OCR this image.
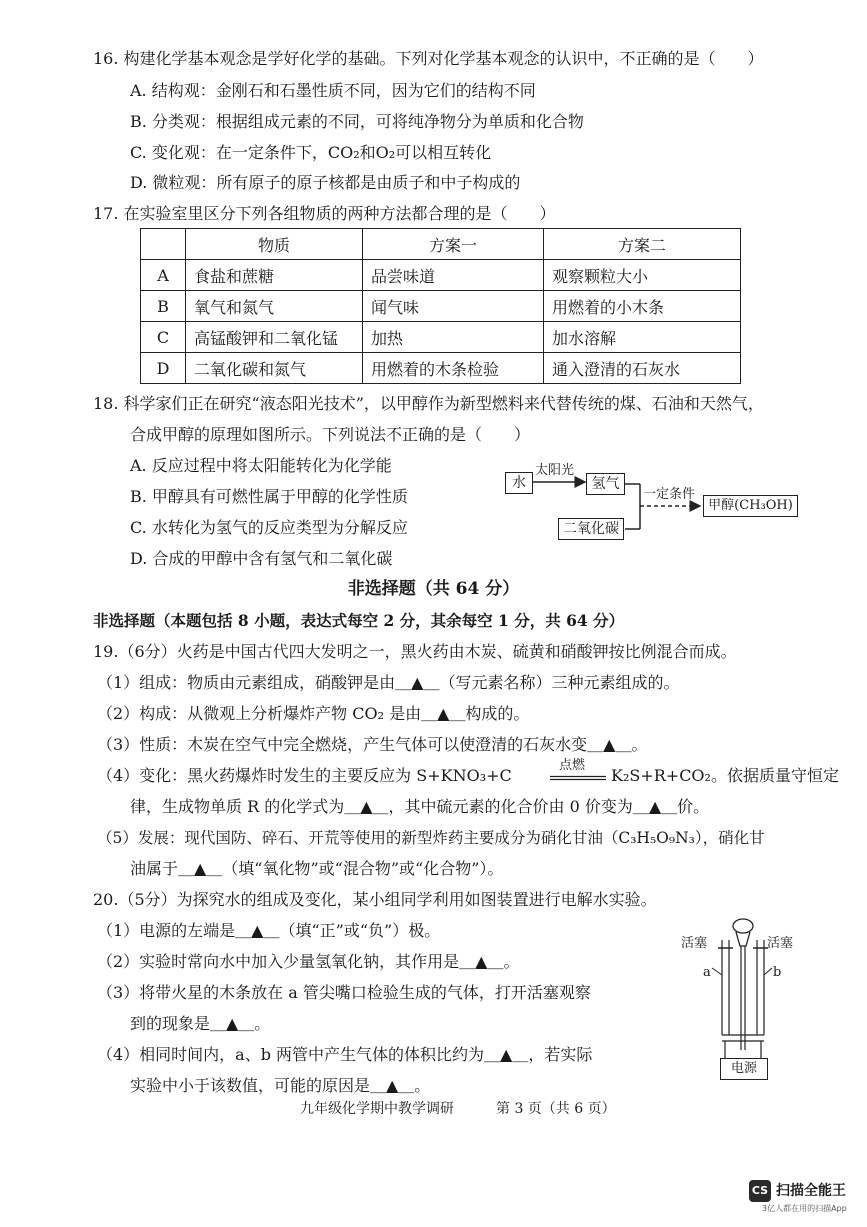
16. 构建化学基本观念是学好化学的基础。下列对化学基本观念的认识中，不正确的是（　　）
A. 结构观：金刚石和石墨性质不同，因为它们的结构不同
B. 分类观：根据组成元素的不同，可将纯净物分为单质和化合物
C. 变化观：在一定条件下，CO₂和O₂可以相互转化
D. 微粒观：所有原子的原子核都是由质子和中子构成的
17. 在实验室里区分下列各组物质的两种方法都合理的是（　　）
	物质	方案一	方案二
A	食盐和蔗糖	品尝味道	观察颗粒大小
B	氧气和氮气	闻气味	用燃着的小木条
C	高锰酸钾和二氧化锰	加热	加水溶解
D	二氧化碳和氮气	用燃着的木条检验	通入澄清的石灰水
18. 科学家们正在研究“液态阳光技术”，以甲醇作为新型燃料来代替传统的煤、石油和天然气，
合成甲醇的原理如图所示。下列说法不正确的是（　　）
A. 反应过程中将太阳能转化为化学能
B. 甲醇具有可燃性属于甲醇的化学性质
C. 水转化为氢气的反应类型为分解反应
D. 合成的甲醇中含有氢气和二氧化碳
水
太阳光
氢气
一定条件
甲醇(CH₃OH)
二氧化碳
非选择题（共 64 分）
非选择题（本题包括 8 小题，表达式每空 2 分，其余每空 1 分，共 64 分）
19.（6分）火药是中国古代四大发明之一，黑火药由木炭、硫黄和硝酸钾按比例混合而成。
（1）组成：物质由元素组成，硝酸钾是由＿▲＿（写元素名称）三种元素组成的。
（2）构成：从微观上分析爆炸产物 CO₂ 是由＿▲＿构成的。
（3）性质：木炭在空气中完全燃烧，产生气体可以使澄清的石灰水变＿▲＿。
（4）变化：黑火药爆炸时发生的主要反应为 S+KNO₃+C
点燃
K₂S+R+CO₂。依据质量守恒定
律，生成物单质 R 的化学式为＿▲＿，其中硫元素的化合价由 0 价变为＿▲＿价。
（5）发展：现代国防、碎石、开荒等使用的新型炸药主要成分为硝化甘油（C₃H₅O₉N₃），硝化甘
油属于＿▲＿（填“氧化物”或“混合物”或“化合物”）。
20.（5分）为探究水的组成及变化，某小组同学利用如图装置进行电解水实验。
（1）电源的左端是＿▲＿（填“正”或“负”）极。
（2）实验时常向水中加入少量氢氧化钠，其作用是＿▲＿。
（3）将带火星的木条放在 a 管尖嘴口检验生成的气体，打开活塞观察
到的现象是＿▲＿。
（4）相同时间内，a、b 两管中产生气体的体积比约为＿▲＿，若实际
实验中小于该数值，可能的原因是＿▲＿。
活塞	活塞
a	b
电源
九年级化学期中教学调研	第 3 页（共 6 页）
CS 扫描全能王
3亿人都在用的扫描App
